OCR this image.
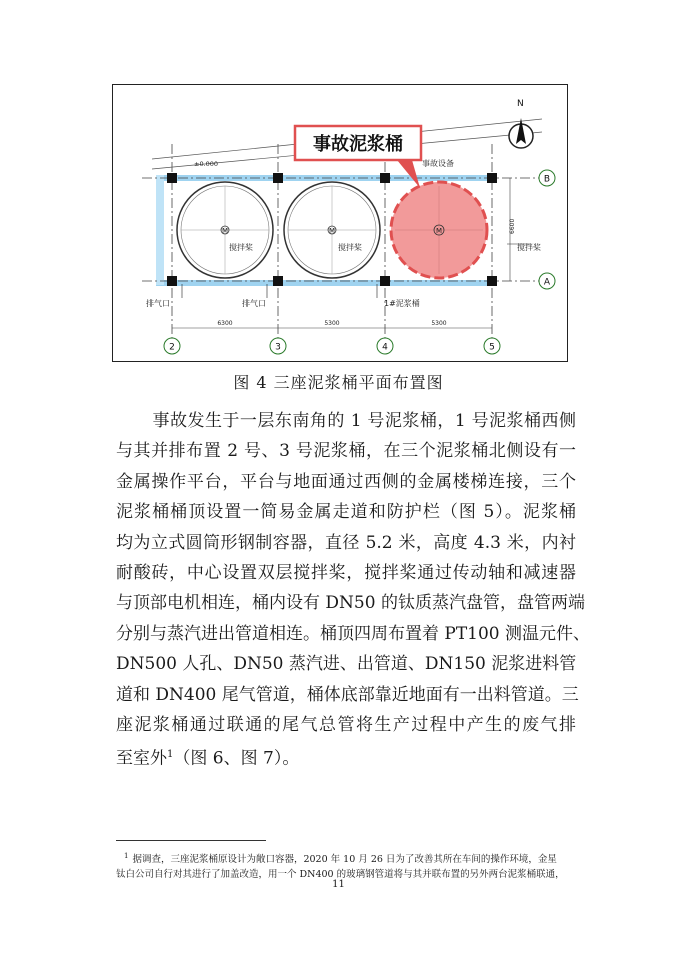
M	M	M
事故泥浆桶
N
±0.000	事故设备
搅拌桨	搅拌桨	搅拌桨
排气口	排气口	1#泥浆桶
6600
B
A
6300	5300	5300
2	3	4	5
图 4 三座泥浆桶平面布置图
事故发生于一层东南角的 1 号泥浆桶，1 号泥浆桶西侧
与其并排布置 2 号、3 号泥浆桶，在三个泥浆桶北侧设有一
金属操作平台，平台与地面通过西侧的金属楼梯连接，三个
泥浆桶桶顶设置一简易金属走道和防护栏（图 5）。泥浆桶
均为立式圆筒形钢制容器，直径 5.2 米，高度 4.3 米，内衬
耐酸砖，中心设置双层搅拌桨，搅拌桨通过传动轴和减速器
与顶部电机相连，桶内设有 DN50 的钛质蒸汽盘管，盘管两端
分别与蒸汽进出管道相连。桶顶四周布置着 PT100 测温元件、
DN500 人孔、DN50 蒸汽进、出管道、DN150 泥浆进料管
道和 DN400 尾气管道，桶体底部靠近地面有一出料管道。三
座泥浆桶通过联通的尾气总管将生产过程中产生的废气排
至室外$^1$（图 6、图 7）。
$^1$ 据调查，三座泥浆桶原设计为敞口容器，2020 年 10 月 26 日为了改善其所在车间的操作环境，金星
钛白公司自行对其进行了加盖改造，用一个 DN400 的玻璃钢管道将与其并联布置的另外两台泥浆桶联通，
11
